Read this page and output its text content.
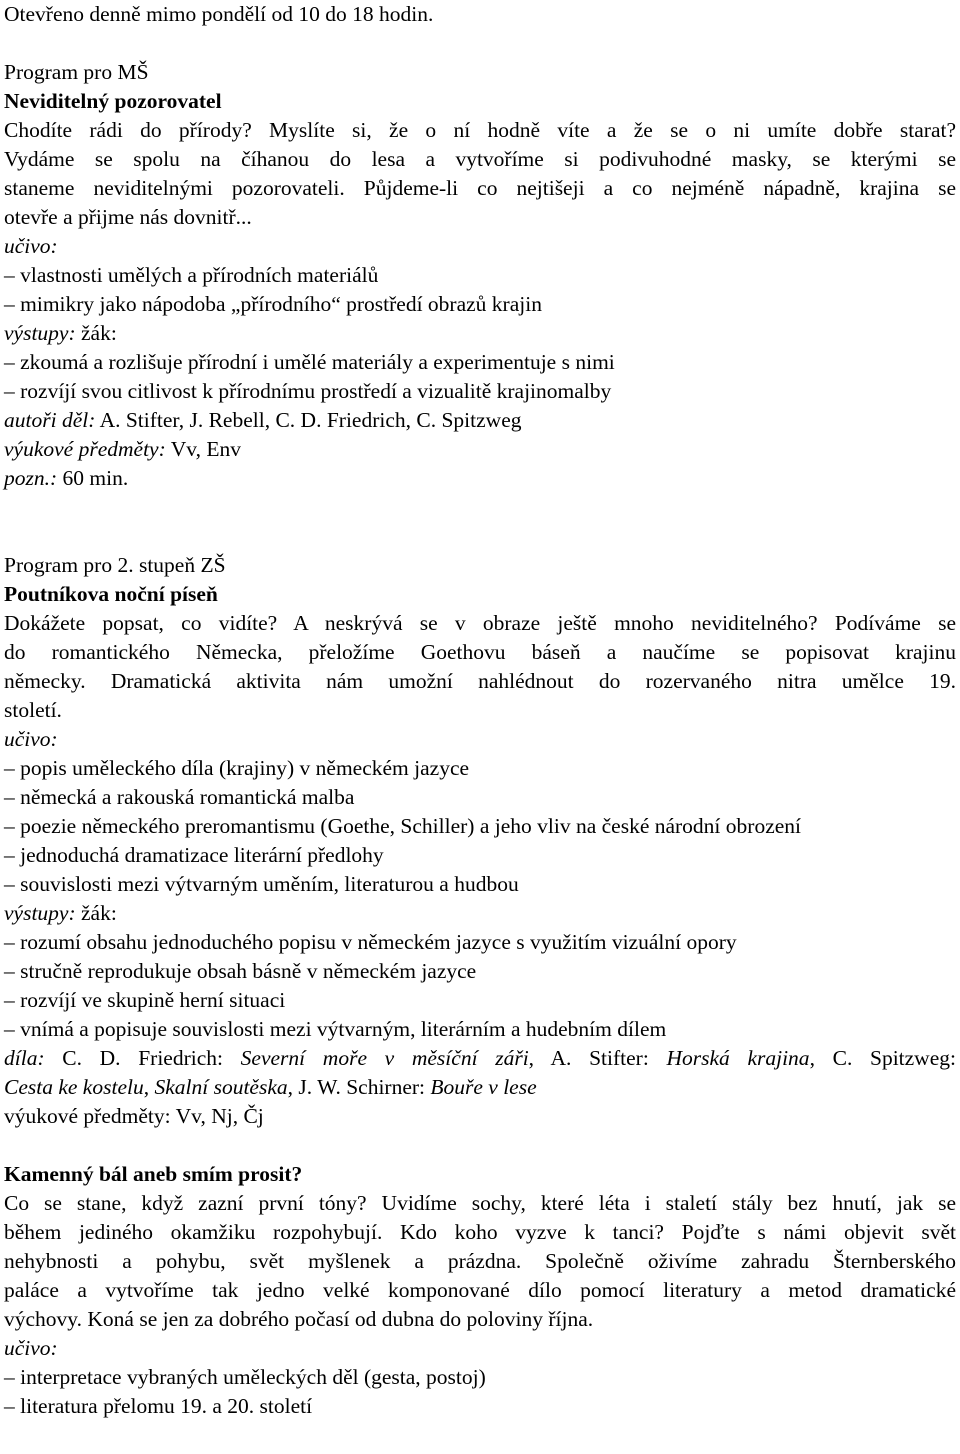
Otevřeno denně mimo pondělí od 10 do 18 hodin.

Program pro MŠ

Neviditelný pozorovatel

Chodíte rádi do přírody? Myslíte si, že o ní hodně víte a že se o ni umíte dobře starat?

Vydáme se spolu na číhanou do lesa a vytvoříme si podivuhodné masky, se kterými se

staneme neviditelnými pozorovateli. Půjdeme-li co nejtišeji a co nejméně nápadně, krajina se

otevře a přijme nás dovnitř...

učivo:

– vlastnosti umělých a přírodních materiálů

– mimikry jako nápodoba „přírodního“ prostředí obrazů krajin

výstupy: žák:

– zkoumá a rozlišuje přírodní i umělé materiály a experimentuje s nimi

– rozvíjí svou citlivost k přírodnímu prostředí a vizualitě krajinomalby

autoři děl: A. Stifter, J. Rebell, C. D. Friedrich, C. Spitzweg

výukové předměty: Vv, Env

pozn.: 60 min.

Program pro 2. stupeň ZŠ

Poutníkova noční píseň

Dokážete popsat, co vidíte? A neskrývá se v obraze ještě mnoho neviditelného? Podíváme se

do romantického Německa, přeložíme Goethovu báseň a naučíme se popisovat krajinu

německy. Dramatická aktivita nám umožní nahlédnout do rozervaného nitra umělce 19.

století.

učivo:

– popis uměleckého díla (krajiny) v německém jazyce

– německá a rakouská romantická malba

– poezie německého preromantismu (Goethe, Schiller) a jeho vliv na české národní obrození

– jednoduchá dramatizace literární předlohy

– souvislosti mezi výtvarným uměním, literaturou a hudbou

výstupy: žák:

– rozumí obsahu jednoduchého popisu v německém jazyce s využitím vizuální opory

– stručně reprodukuje obsah básně v německém jazyce

– rozvíjí ve skupině herní situaci

– vnímá a popisuje souvislosti mezi výtvarným, literárním a hudebním dílem

díla: C. D. Friedrich: Severní moře v měsíční záři, A. Stifter: Horská krajina, C. Spitzweg:

Cesta ke kostelu, Skalní soutěska, J. W. Schirner: Bouře v lese

výukové předměty: Vv, Nj, Čj

Kamenný bál aneb smím prosit?

Co se stane, když zazní první tóny? Uvidíme sochy, které léta i staletí stály bez hnutí, jak se

během jediného okamžiku rozpohybují. Kdo koho vyzve k tanci? Pojďte s námi objevit svět

nehybnosti a pohybu, svět myšlenek a prázdna. Společně oživíme zahradu Šternberského

paláce a vytvoříme tak jedno velké komponované dílo pomocí literatury a metod dramatické

výchovy. Koná se jen za dobrého počasí od dubna do poloviny října.

učivo:

– interpretace vybraných uměleckých děl (gesta, postoj)

– literatura přelomu 19. a 20. století
